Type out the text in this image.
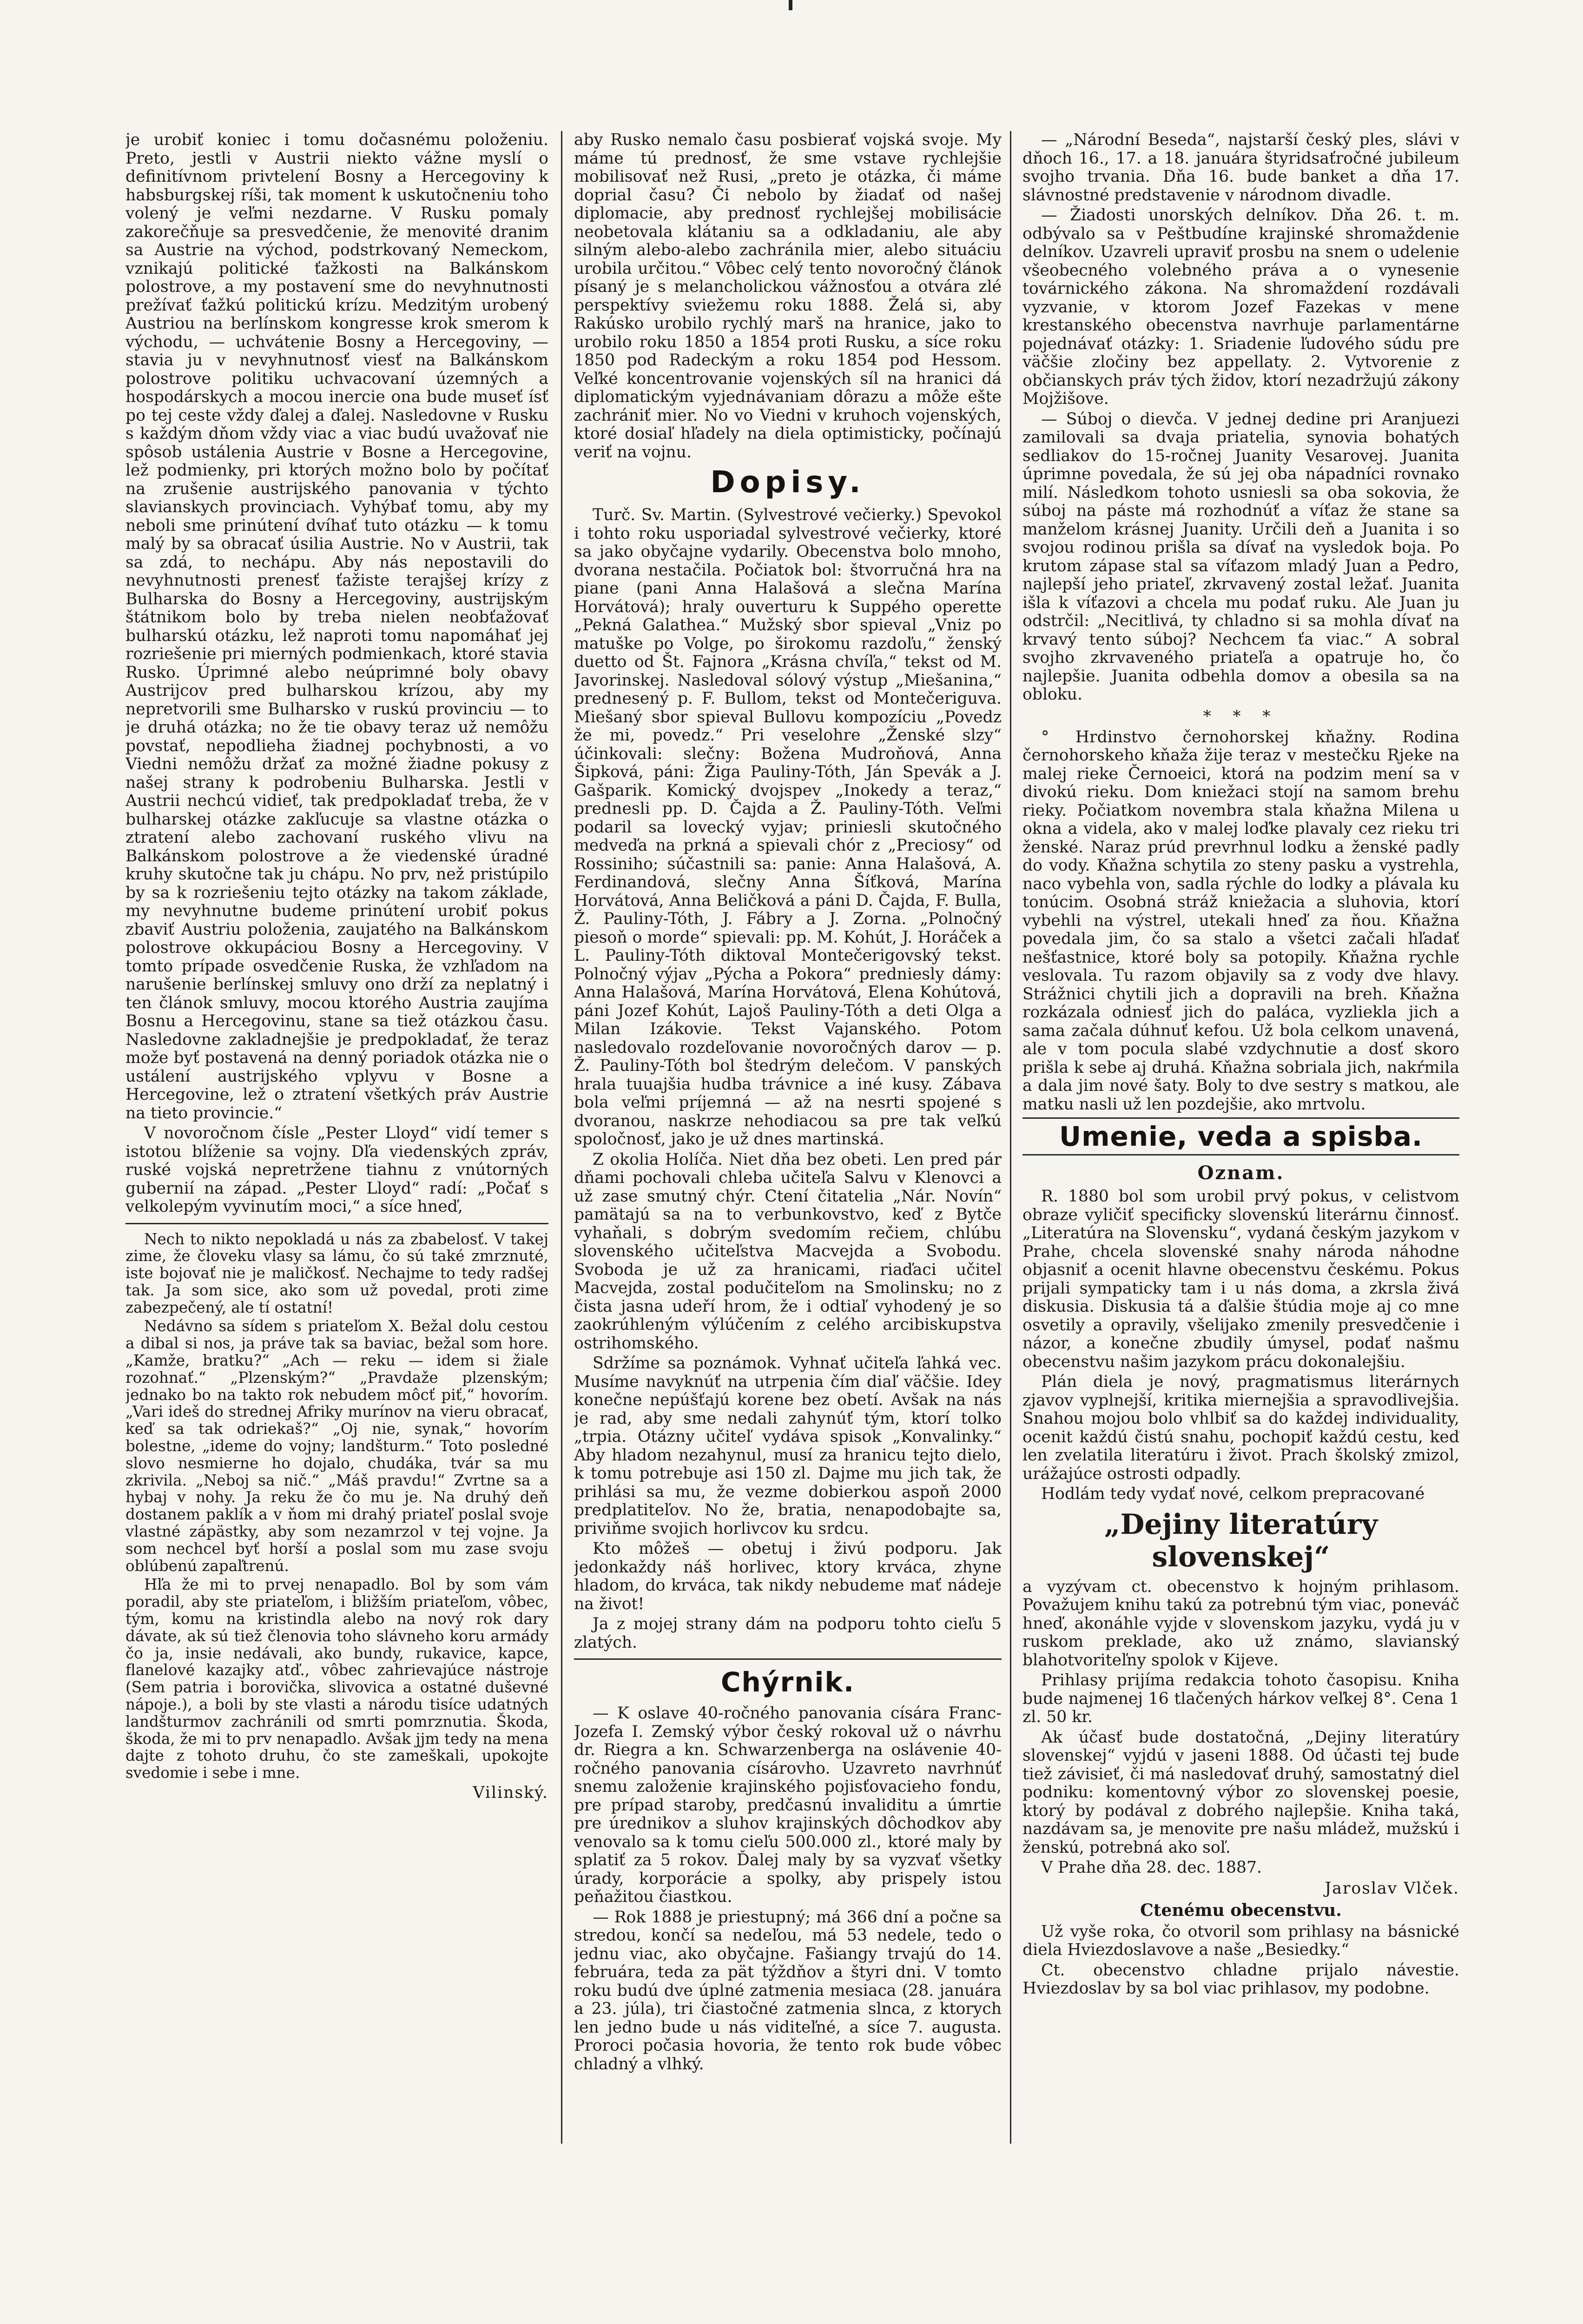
je urobiť koniec i tomu dočasnému položeniu. Preto, jestli v Austrii niekto vážne myslí o definitívnom privtelení Bosny a Hercegoviny k habsburgskej ríši, tak moment k uskutočneniu toho volený je veľmi nezdarne. V Rusku pomaly zakorečňuje sa presvedčenie, že menovité dranim sa Austrie na východ, podstrkovaný Nemeckom, vznikajú politické ťažkosti na Balkánskom polostrove, a my postavení sme do nevyhnutnosti prežívať ťažkú politickú krízu. Medzitým urobený Austriou na berlínskom kongresse krok smerom k východu, — uchvátenie Bosny a Hercegoviny, — stavia ju v nevyhnutnosť viesť na Balkánskom polostrove politiku uchvacovaní územných a hospodárskych a mocou inercie ona bude museť ísť po tej ceste vždy ďalej a ďalej. Nasledovne v Rusku s každým dňom vždy viac a viac budú uvažovať nie spôsob ustálenia Austrie v Bosne a Hercegovine, lež podmienky, pri ktorých možno bolo by počítať na zrušenie austrijského panovania v týchto slavianskych provinciach. Vyhýbať tomu, aby my neboli sme prinútení dvíhať tuto otázku — k tomu malý by sa obracať úsilia Austrie. No v Austrii, tak sa zdá, to nechápu. Aby nás nepostavili do nevyhnutnosti prenesť ťažiste terajšej krízy z Bulharska do Bosny a Hercegoviny, austrijským štátnikom bolo by treba nielen neobťažovať bulharskú otázku, lež naproti tomu napomáhať jej rozriešenie pri mierných podmienkach, ktoré stavia Rusko. Úprimné alebo neúprimné boly obavy Austrijcov pred bulharskou krízou, aby my nepretvorili sme Bulharsko v ruskú provinciu — to je druhá otázka; no že tie obavy teraz už nemôžu povstať, nepodlieha žiadnej pochybnosti, a vo Viedni nemôžu držať za možné žiadne pokusy z našej strany k podrobeniu Bulharska. Jestli v Austrii nechcú vidieť, tak predpokladať treba, že v bulharskej otázke zakľucuje sa vlastne otázka o ztratení alebo zachovaní ruského vlivu na Balkánskom polostrove a že viedenské úradné kruhy skutočne tak ju chápu. No prv, než pristúpilo by sa k rozriešeniu tejto otázky na takom základe, my nevyhnutne budeme prinútení urobiť pokus zbaviť Austriu položenia, zaujatého na Balkánskom polostrove okkupáciou Bosny a Hercegoviny. V tomto prípade osvedčenie Ruska, že vzhľadom na narušenie berlínskej smluvy ono drží za neplatný i ten článok smluvy, mocou ktorého Austria zaujíma Bosnu a Hercegovinu, stane sa tiež otázkou času. Nasledovne zakladnejšie je predpokladať, že teraz može byť postavená na denný poriadok otázka nie o ustálení austrijského vplyvu v Bosne a Hercegovine, lež o ztratení všetkých práv Austrie na tieto provincie.“

V novoročnom čísle „Pester Lloyd“ vidí temer s istotou blíženie sa vojny. Dľa viedenských zpráv, ruské vojská nepretržene tiahnu z vnútorných gubernií na západ. „Pester Lloyd“ radí: „Počať s velkolepým vyvinutím moci,“ a síce hneď,

Nech to nikto nepokladá u nás za zbabelosť. V takej zime, že človeku vlasy sa lámu, čo sú také zmrznuté, iste bojovať nie je maličkosť. Nechajme to tedy radšej tak. Ja som sice, ako som už povedal, proti zime zabezpečený, ale tí ostatní!

Nedávno sa sídem s priateľom X. Bežal dolu cestou a dibal si nos, ja práve tak sa baviac, bežal som hore. „Kamže, bratku?“ „Ach — reku — idem si žiale rozohnať.“ „Plzenským?“ „Pravdaže plzenským; jednako bo na takto rok nebudem môcť piť,“ hovorím. „Vari ideš do strednej Afriky murínov na vieru obracať, keď sa tak odriekaš?“ „Oj nie, synak,“ hovorím bolestne, „ideme do vojny; landšturm.“ Toto posledné slovo nesmierne ho dojalo, chudáka, tvár sa mu zkrivila. „Neboj sa nič.“ „Máš pravdu!“ Zvrtne sa a hybaj v nohy. Ja reku že čo mu je. Na druhý deň dostanem paklík a v ňom mi drahý priateľ poslal svoje vlastné zápästky, aby som nezamrzol v tej vojne. Ja som nechcel byť horší a poslal som mu zase svoju oblúbenú zapaľtrenú.

Hľa že mi to prvej nenapadlo. Bol by som vám poradil, aby ste priateľom, i bližším priateľom, vôbec, tým, komu na kristindla alebo na nový rok dary dávate, ak sú tiež členovia toho slávneho koru armády čo ja, insie nedávali, ako bundy, rukavice, kapce, flanelové kazajky atď., vôbec zahrievajúce nástroje (Sem patria i borovička, slivovica a ostatné duševné nápoje.), a boli by ste vlasti a národu tisíce udatných landšturmov zachránili od smrti pomrznutia. Škoda, škoda, že mi to prv nenapadlo. Avšak jjm tedy na mena dajte z tohoto druhu, čo ste zameškali, upokojte svedomie i sebe i mne.

Vilinský.

aby Rusko nemalo času posbierať vojská svoje. My máme tú prednosť, že sme vstave rychlejšie mobilisovať než Rusi, „preto je otázka, či máme doprial času? Či nebolo by žiadať od našej diplomacie, aby prednosť rychlejšej mobilisácie neobetovala klátaniu sa a odkladaniu, ale aby silným alebo-alebo zachránila mier, alebo situáciu urobila určitou.“ Vôbec celý tento novoročný článok písaný je s melancholickou vážnosťou a otvára zlé perspektívy sviežemu roku 1888. Želá si, aby Rakúsko urobilo rychlý marš na hranice, jako to urobilo roku 1850 a 1854 proti Rusku, a síce roku 1850 pod Radeckým a roku 1854 pod Hessom. Veľké koncentrovanie vojenských síl na hranici dá diplomatickým vyjednávaniam dôrazu a môže ešte zachrániť mier. No vo Viedni v kruhoch vojenských, ktoré dosiaľ hľadely na diela optimisticky, počínajú veriť na vojnu.

Dopisy.

Turč. Sv. Martin. (Sylvestrové večierky.) Spevokol i tohto roku usporiadal sylvestrové večierky, ktoré sa jako obyčajne vydarily. Obecenstva bolo mnoho, dvorana nestačila. Počiatok bol: štvorručná hra na piane (pani Anna Halašová a slečna Marína Horvátová); hraly ouverturu k Suppého operette „Pekná Galathea.“ Mužský sbor spieval „Vniz po matuške po Volge, po širokomu razdoľu,“ ženský duetto od Št. Fajnora „Krásna chvíľa,“ tekst od M. Javorinskej. Nasledoval sólový výstup „Miešanina,“ prednesený p. F. Bullom, tekst od Montečeriguva. Miešaný sbor spieval Bullovu kompozíciu „Povedz že mi, povedz.“ Pri veselohre „Ženské slzy“ účinkovali: slečny: Božena Mudroňová, Anna Šipková, páni: Žiga Pauliny-Tóth, Ján Spevák a J. Gašparik. Komický dvojspev „Inokedy a teraz,“ prednesli pp. D. Čajda a Ž. Pauliny-Tóth. Veľmi podaril sa lovecký vyjav; priniesli skutočného medveďa na prkná a spievali chór z „Preciosy“ od Rossiniho; súčastnili sa: panie: Anna Halašová, A. Ferdinandová, slečny Anna Šíťková, Marína Horvátová, Anna Beličková a páni D. Čajda, F. Bulla, Ž. Pauliny-Tóth, J. Fábry a J. Zorna. „Polnočný piesoň o morde“ spievali: pp. M. Kohút, J. Horáček a L. Pauliny-Tóth diktoval Montečerigovský tekst. Polnočný výjav „Pýcha a Pokora“ predniesly dámy: Anna Halašová, Marína Horvátová, Elena Kohútová, páni Jozef Kohút, Lajoš Pauliny-Tóth a deti Olga a Milan Izákovie. Tekst Vajanského. Potom nasledovalo rozdeľovanie novoročných darov — p. Ž. Pauliny-Tóth bol štedrým delečom. V panských hrala tuuajšia hudba trávnice a iné kusy. Zábava bola veľmi príjemná — až na nesrti spojené s dvoranou, naskrze nehodiacou sa pre tak veľkú spoločnosť, jako je už dnes martinská.

Z okolia Holíča. Niet dňa bez obeti. Len pred pár dňami pochovali chleba učiteľa Salvu v Klenovci a už zase smutný chýr. Ctení čitatelia „Nár. Novín“ pamätajú sa na to verbunkovstvo, keď z Bytče vyhaňali, s dobrým svedomím rečiem, chlúbu slovenského učiteľstva Macvejda a Svobodu. Svoboda je už za hranicami, riaďaci učiteľ Macvejda, zostal podučiteľom na Smolinsku; no z čista jasna udeří hrom, že i odtiaľ vyhodený je so zaokrúhleným výlúčením z celého arcibiskupstva ostrihomského.

Sdržíme sa poznámok. Vyhnať učiteľa ľahká vec. Musíme navyknúť na utrpenia čím diaľ väčšie. Idey konečne nepúšťajú korene bez obetí. Avšak na nás je rad, aby sme nedali zahynúť tým, ktorí tolko „trpia. Otázny učiteľ vydáva spisok „Konvalinky.“ Aby hladom nezahynul, musí za hranicu tejto dielo, k tomu potrebuje asi 150 zl. Dajme mu jich tak, že prihlási sa mu, že vezme dobierkou aspoň 2000 predplatiteľov. No že, bratia, nenapodobajte sa, priviňme svojich horlivcov ku srdcu.

Kto môžeš — obetuj i živú podporu. Jak jedonkaždy náš horlivec, ktory krváca, zhyne hladom, do krváca, tak nikdy nebudeme mať nádeje na život!

Ja z mojej strany dám na podporu tohto cieľu 5 zlatých.

Chýrnik.

— K oslave 40-ročného panovania císára Franc-Jozefa I. Zemský výbor český rokoval už o návrhu dr. Riegra a kn. Schwarzenberga na oslávenie 40-ročného panovania císárovho. Uzavreto navrhnúť snemu založenie krajinského pojisťovacieho fondu, pre prípad staroby, predčasnú invaliditu a úmrtie pre úrednikov a sluhov krajinských dôchodkov aby venovalo sa k tomu cieľu 500.000 zl., ktoré maly by splatiť za 5 rokov. Ďalej maly by sa vyzvať všetky úrady, korporácie a spolky, aby prispely istou peňažitou čiastkou.

— Rok 1888 je priestupný; má 366 dní a počne sa stredou, končí sa nedeľou, má 53 nedele, tedo o jednu viac, ako obyčajne. Fašiangy trvajú do 14. februára, teda za pät týždňov a štyri dni. V tomto roku budú dve úplné zatmenia mesiaca (28. januára a 23. júla), tri čiastočné zatmenia slnca, z ktorych len jedno bude u nás viditeľné, a síce 7. augusta. Proroci počasia hovoria, že tento rok bude vôbec chladný a vlhký.

— „Národní Beseda“, najstarší český ples, slávi v dňoch 16., 17. a 18. januára štyridsaťročné jubileum svojho trvania. Dňa 16. bude banket a dňa 17. slávnostné predstavenie v národnom divadle.

— Žiadosti unorských delníkov. Dňa 26. t. m. odbývalo sa v Peštbudíne krajinské shromaždenie delníkov. Uzavreli upraviť prosbu na snem o udelenie všeobecného volebného práva a o vynesenie továrnického zákona. Na shromaždení rozdávali vyzvanie, v ktorom Jozef Fazekas v mene krestanského obecenstva navrhuje parlamentárne pojednávať otázky: 1. Sriadenie ľudového súdu pre väčšie zločiny bez appellaty. 2. Vytvorenie z občianskych práv tých židov, ktorí nezadržujú zákony Mojžišove.

— Súboj o dievča. V jednej dedine pri Aranjuezi zamilovali sa dvaja priatelia, synovia bohatých sedliakov do 15-ročnej Juanity Vesarovej. Juanita úprimne povedala, že sú jej oba nápadníci rovnako milí. Následkom tohoto usniesli sa oba sokovia, že súboj na páste má rozhodnúť a víťaz že stane sa manželom krásnej Juanity. Určili deň a Juanita i so svojou rodinou prišla sa dívať na vysledok boja. Po krutom zápase stal sa víťazom mladý Juan a Pedro, najlepší jeho priateľ, zkrvavený zostal ležať. Juanita išla k víťazovi a chcela mu podať ruku. Ale Juan ju odstrčil: „Necitlivá, ty chladno si sa mohla dívať na krvavý tento súboj? Nechcem ťa viac.“ A sobral svojho zkrvaveného priateľa a opatruje ho, čo najlepšie. Juanita odbehla domov a obesila sa na obloku.

* * *

° Hrdinstvo černohorskej kňažny. Rodina černohorskeho kňaža žije teraz v mestečku Rjeke na malej rieke Černoeici, ktorá na podzim mení sa v divokú rieku. Dom kniežaci stojí na samom brehu rieky. Počiatkom novembra stala kňažna Milena u okna a videla, ako v malej loďke plavaly cez rieku tri ženské. Naraz prúd prevrhnul lodku a ženské padly do vody. Kňažna schytila zo steny pasku a vystrehla, naco vybehla von, sadla rýchle do lodky a plávala ku tonúcim. Osobná stráž kniežacia a sluhovia, ktorí vybehli na výstrel, utekali hneď za ňou. Kňažna povedala jim, čo sa stalo a všetci začali hľadať nešťastnice, ktoré boly sa potopily. Kňažna rychle veslovala. Tu razom objavily sa z vody dve hlavy. Strážnici chytili jich a dopravili na breh. Kňažna rozkázala odniesť jich do paláca, vyzliekla jich a sama začala dúhnuť kefou. Už bola celkom unavená, ale v tom pocula slabé vzdychnutie a dosť skoro prišla k sebe aj druhá. Kňažna sobriala jich, nakŕmila a dala jim nové šaty. Boly to dve sestry s matkou, ale matku nasli už len pozdejšie, ako mrtvolu.

Umenie, veda a spisba.
Oznam.

R. 1880 bol som urobil prvý pokus, v celistvom obraze vyličiť specificky slovenskú literárnu činnosť. „Literatúra na Slovensku“, vydaná českým jazykom v Prahe, chcela slovenské snahy národa náhodne objasniť a ocenit hlavne obecenstvu českému. Pokus prijali sympaticky tam i u nás doma, a zkrsla živá diskusia. Diskusia tá a ďalšie štúdia moje aj co mne osvetily a opravily, všelijako zmenily presvedčenie i názor, a konečne zbudily úmysel, podať našmu obecenstvu našim jazykom prácu dokonalejšiu.

Plán diela je nový, pragmatismus literárnych zjavov vyplnejší, kritika miernejšia a spravodlivejšia. Snahou mojou bolo vhlbiť sa do každej individuality, ocenit každú čistú snahu, pochopiť každú cestu, keď len zvelatila literatúru i život. Prach školský zmizol, urážajúce ostrosti odpadly.

Hodlám tedy vydať nové, celkom prepracované

„Dejiny literatúry slovenskej“

a vyzývam ct. obecenstvo k hojným prihlasom. Považujem knihu takú za potrebnú tým viac, poneváč hneď, akonáhle vyjde v slovenskom jazyku, vydá ju v ruskom preklade, ako už známo, slavianský blahotvoriteľny spolok v Kijeve.

Prihlasy prijíma redakcia tohoto časopisu. Kniha bude najmenej 16 tlačených hárkov veľkej 8°. Cena 1 zl. 50 kr.

Ak účasť bude dostatočná, „Dejiny literatúry slovenskej“ vyjdú v jaseni 1888. Od účasti tej bude tiež závisieť, či má nasledovať druhý, samostatný diel podniku: komentovný výbor zo slovenskej poesie, ktorý by podával z dobrého najlepšie. Kniha taká, nazdávam sa, je menovite pre našu mládež, mužskú i ženskú, potrebná ako soľ.

V Prahe dňa 28. dec. 1887.

Jaroslav Vlček.
Ctenému obecenstvu.

Už vyše roka, čo otvoril som prihlasy na básnické diela Hviezdoslavove a naše „Besiedky.“

Ct. obecenstvo chladne prijalo návestie. Hviezdoslav by sa bol viac prihlasov, my podobne.
